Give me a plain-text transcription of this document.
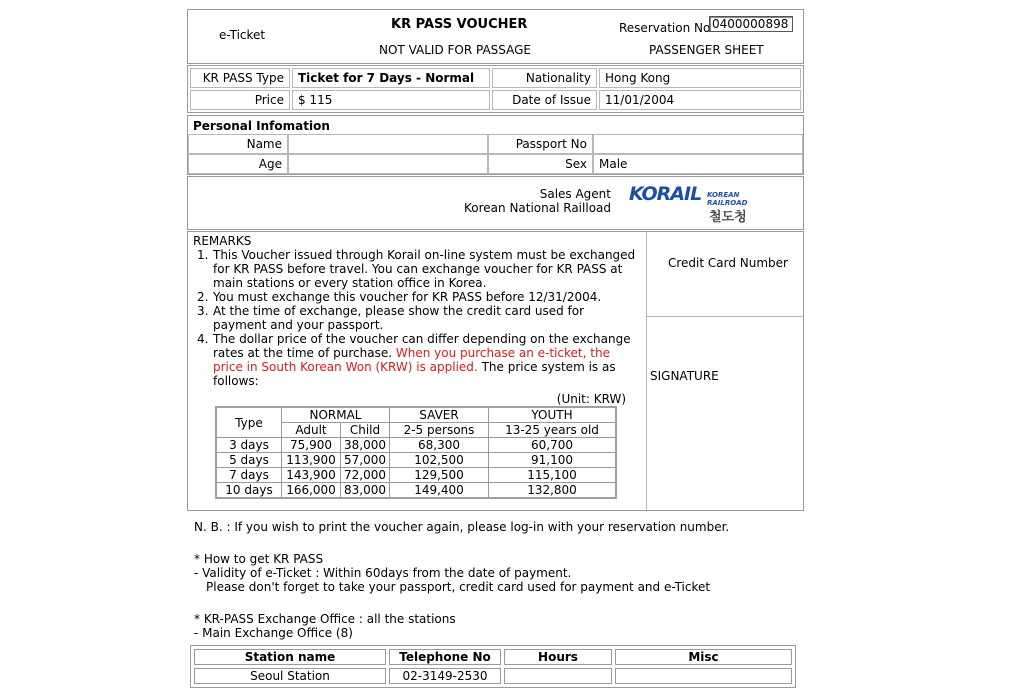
e-Ticket
KR PASS VOUCHER
NOT VALID FOR PASSAGE
Reservation No 0400000898
PASSENGER SHEET
KR PASS Type	Ticket for 7 Days - Normal	Nationality	Hong Kong
Price	$ 115	Date of Issue	11/01/2004
Personal Infomation
Name		Passport No	
Age		Sex	Male
Sales Agent
Korean National Railload
KORAIL KOREAN RAILROAD
철도청
REMARKS
1. This Voucher issued through Korail on-line system must be exchanged for KR PASS before travel. You can exchange voucher for KR PASS at main stations or every station office in Korea.
2. You must exchange this voucher for KR PASS before 12/31/2004.
3. At the time of exchange, please show the credit card used for payment and your passport.
4. The dollar price of the voucher can differ depending on the exchange rates at the time of purchase. When you purchase an e-ticket, the price in South Korean Won (KRW) is applied. The price system is as follows:
(Unit: KRW)
Type	NORMAL		SAVER	YOUTH
	Adult	Child	2-5 persons	13-25 years old
3 days	75,900	38,000	68,300	60,700
5 days	113,900	57,000	102,500	91,100
7 days	143,900	72,000	129,500	115,100
10 days	166,000	83,000	149,400	132,800
Credit Card Number
SIGNATURE
N. B. : If you wish to print the voucher again, please log-in with your reservation number.
* How to get KR PASS
- Validity of e-Ticket : Within 60days from the date of payment.
Please don't forget to take your passport, credit card used for payment and e-Ticket
* KR-PASS Exchange Office : all the stations
- Main Exchange Office (8)
Station name	Telephone No	Hours	Misc
Seoul Station	02-3149-2530		
